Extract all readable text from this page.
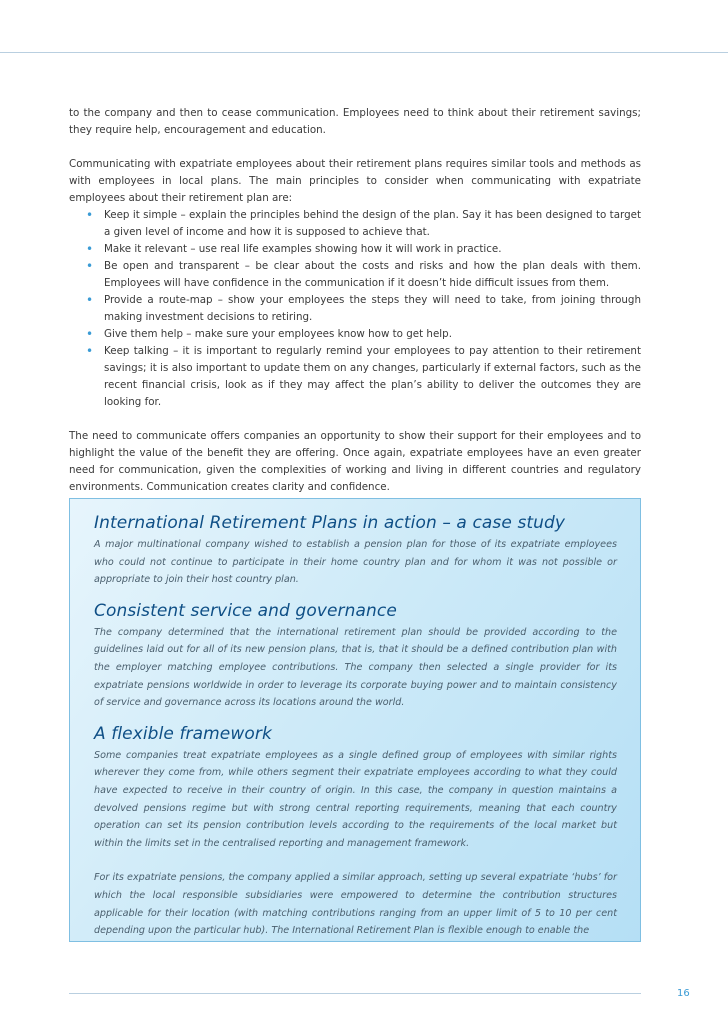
to the company and then to cease communication. Employees need to think about their retirement savings; they require help, encouragement and education.

Communicating with expatriate employees about their retirement plans requires similar tools and methods as with employees in local plans. The main principles to consider when communicating with expatriate employees about their retirement plan are:

• Keep it simple – explain the principles behind the design of the plan. Say it has been designed to target a given level of income and how it is supposed to achieve that.
• Make it relevant – use real life examples showing how it will work in practice.
• Be open and transparent – be clear about the costs and risks and how the plan deals with them. Employees will have confidence in the communication if it doesn’t hide difficult issues from them.
• Provide a route-map – show your employees the steps they will need to take, from joining through making investment decisions to retiring.
• Give them help – make sure your employees know how to get help.
• Keep talking – it is important to regularly remind your employees to pay attention to their retirement savings; it is also important to update them on any changes, particularly if external factors, such as the recent financial crisis, look as if they may affect the plan’s ability to deliver the outcomes they are looking for.

The need to communicate offers companies an opportunity to show their support for their employees and to highlight the value of the benefit they are offering. Once again, expatriate employees have an even greater need for communication, given the complexities of working and living in different countries and regulatory environments. Communication creates clarity and confidence.

International Retirement Plans in action – a case study

A major multinational company wished to establish a pension plan for those of its expatriate employees who could not continue to participate in their home country plan and for whom it was not possible or appropriate to join their host country plan.

Consistent service and governance

The company determined that the international retirement plan should be provided according to the guidelines laid out for all of its new pension plans, that is, that it should be a defined contribution plan with the employer matching employee contributions. The company then selected a single provider for its expatriate pensions worldwide in order to leverage its corporate buying power and to maintain consistency of service and governance across its locations around the world.

A flexible framework

Some companies treat expatriate employees as a single defined group of employees with similar rights wherever they come from, while others segment their expatriate employees according to what they could have expected to receive in their country of origin. In this case, the company in question maintains a devolved pensions regime but with strong central reporting requirements, meaning that each country operation can set its pension contribution levels according to the requirements of the local market but within the limits set in the centralised reporting and management framework.

For its expatriate pensions, the company applied a similar approach, setting up several expatriate ‘hubs’ for which the local responsible subsidiaries were empowered to determine the contribution structures applicable for their location (with matching contributions ranging from an upper limit of 5 to 10 per cent depending upon the particular hub). The International Retirement Plan is flexible enough to enable the

16
